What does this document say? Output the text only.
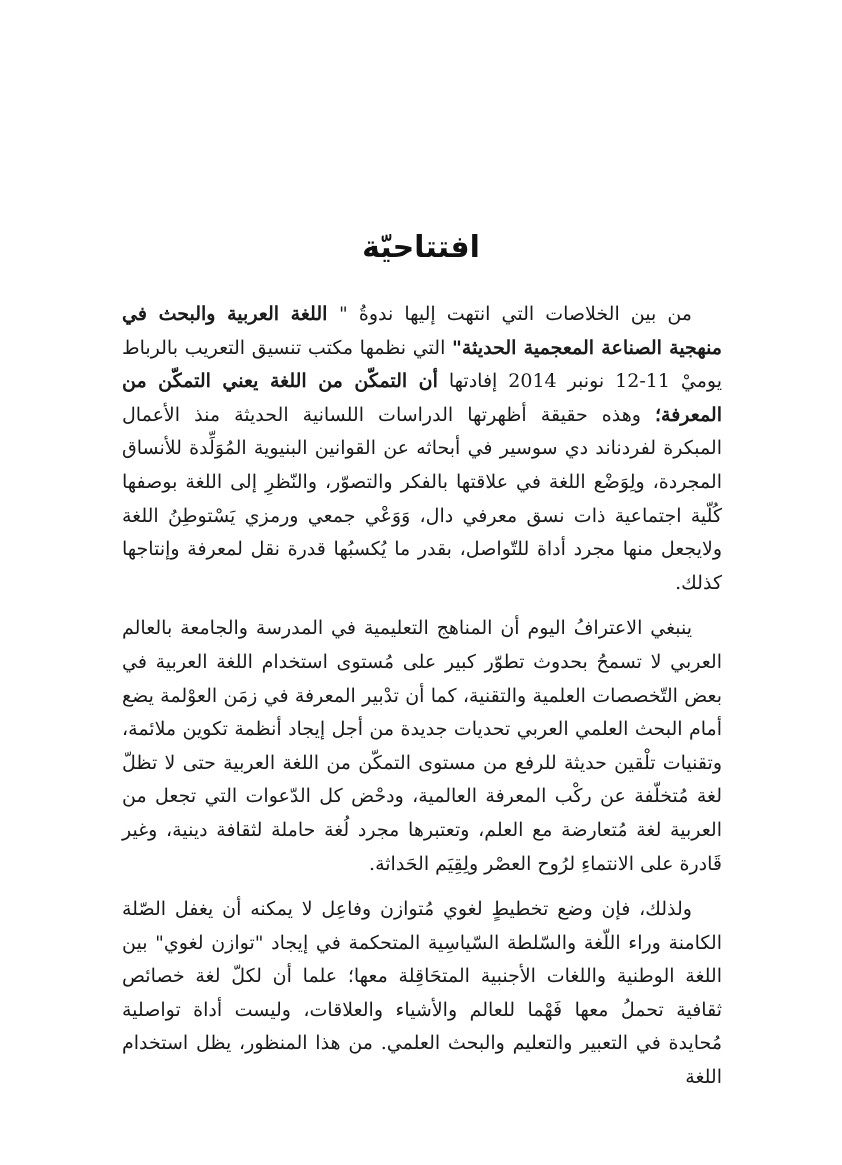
افتتاحيّة

من بين الخلاصات التي انتهت إليها ندوةُ " اللغة العربية والبحث في منهجية الصناعة المعجمية الحديثة" التي نظمها مكتب تنسيق التعريب بالرباط يوميْ 11-12 نونبر 2014 إفادتها أن التمكّن من اللغة يعني التمكّن من المعرفة؛ وهذه حقيقة أظهرتها الدراسات اللسانية الحديثة منذ الأعمال المبكرة لفردناند دي سوسير في أبحاثه عن القوانين البنيوية المُوَلِّدة للأنساق المجردة، ولِوَضْع اللغة في علاقتها بالفكر والتصوّر، والنّظرِ إلى اللغة بوصفها كُلّية اجتماعية ذات نسق معرفي دال، وَوَعْي جمعي ورمزي يَسْتوطِنُ اللغة ولايجعل منها مجرد أداة للتّواصل، بقدر ما يُكسبُها قدرة نقل لمعرفة وإنتاجها كذلك.

ينبغي الاعترافُ اليوم أن المناهج التعليمية في المدرسة والجامعة بالعالم العربي لا تسمحُ بحدوث تطوّر كبير على مُستوى استخدام اللغة العربية في بعض التّخصصات العلمية والتقنية، كما أن تدْبير المعرفة في زمَن العوْلمة يضع أمام البحث العلمي العربي تحديات جديدة من أجل إيجاد أنظمة تكوين ملائمة، وتقنيات تلْقين حديثة للرفع من مستوى التمكّن من اللغة العربية حتى لا تظلّ لغة مُتخلّفة عن ركْب المعرفة العالمية، ودحْض كل الدّعوات التي تجعل من العربية لغة مُتعارضة مع العلم، وتعتبرها مجرد لُغة حاملة لثقافة دينية، وغير قَادرة على الانتماءِ لرُوح العصْر ولِقِيَم الحَداثة.

ولذلك، فإن وضع تخطيطٍ لغوي مُتوازن وفاعِل لا يمكنه أن يغفل الصّلة الكامنة وراء اللّغة والسّلطة السّياسِية المتحكمة في إيجاد "توازن لغوي" بين اللغة الوطنية واللغات الأجنبية المتحَاقِلة معها؛ علما أن لكلّ لغة خصائص ثقافية تحملُ معها فَهْما للعالم والأشياء والعلاقات، وليست أداة تواصلية مُحايدة في التعبير والتعليم والبحث العلمي. من هذا المنظور، يظل استخدام اللغة
